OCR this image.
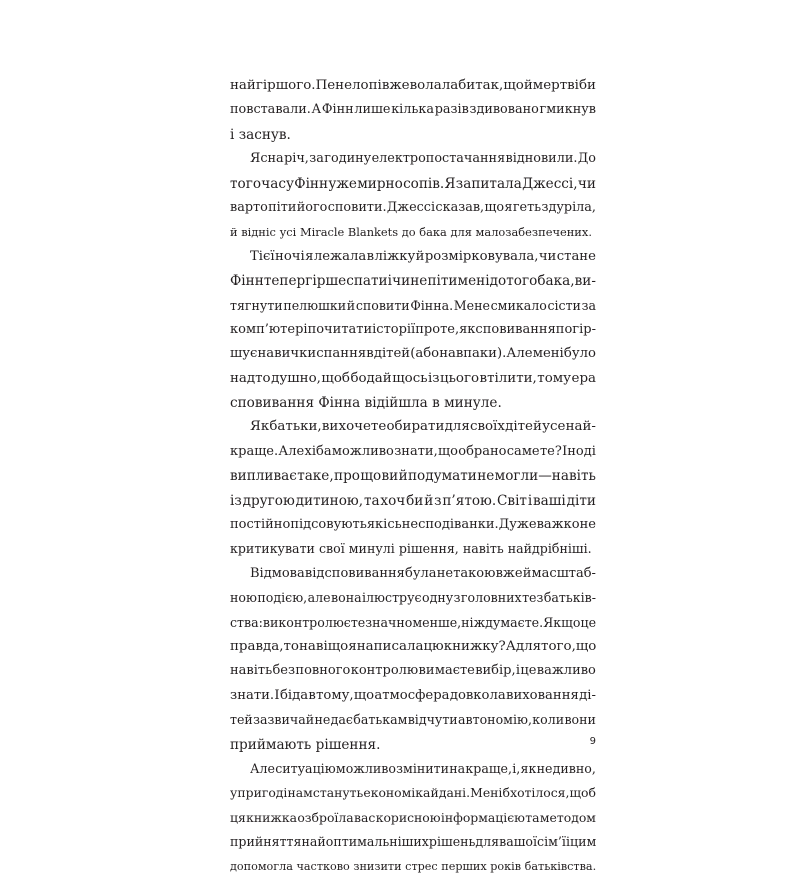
найгіршого. Пенелопі вже волала би так, що й мертві би
повставали. А Фінн лише кілька разів здивовано гмикнув
і заснув.
Ясна річ, за годину електропостачання відновили. До
того часу Фінн уже мирно сопів. Я запитала Джессі, чи
варто піти його сповити. Джессі сказав, що я геть здуріла,
й відніс усі Miracle Blankets до бака для малозабезпечених.
Тієї ночі я лежала в ліжку й розмірковувала, чи стане
Фінн тепер гірше спати і чи не піти мені до того бака, ви-
тягнути пелюшки й сповити Фінна. Мене смикало сісти за
комп’ютер і почитати історії про те, як сповивання погір-
шує навички спання в дітей (або навпаки). Але мені було
надто душно, щоб бодай щось із цього втілити, тому ера
сповивання Фінна відійшла в минуле.
Як батьки, ви хочете обирати для своїх дітей усе най-
краще. Але хіба можливо знати, що обрано саме те? Іноді
випливає таке, про що ви й подумати не могли—навіть
із другою дитиною, та хоч би й з п’ятою. Світ і ваші діти
постійно підсовують якісь несподіванки. Дуже важко не
критикувати свої минулі рішення, навіть найдрібніші.
Відмова від сповивання була не такою вже й масштаб-
ною подією, але вона ілюструє одну з головних тез батьків-
ства: ви контролюєте значно менше, ніж думаєте. Якщо це
правда, то навіщо я написала цю книжку? А для того, що
навіть без повного контролю ви маєте вибір, і це важливо
знати. І біда в тому, що атмосфера довкола виховання ді-
тей зазвичай не дає батькам відчути автономію, коли вони
приймають рішення.
Але ситуацію можливо змінити на краще, і, як не дивно,
у пригоді нам стануть економіка й дані. Мені б хотілося, щоб
ця книжка озброїла вас корисною інформацією та методом
прийняття найоптимальніших рішень для вашої сім’ї і цим
допомогла частково знизити стрес перших років батьківства.
9
